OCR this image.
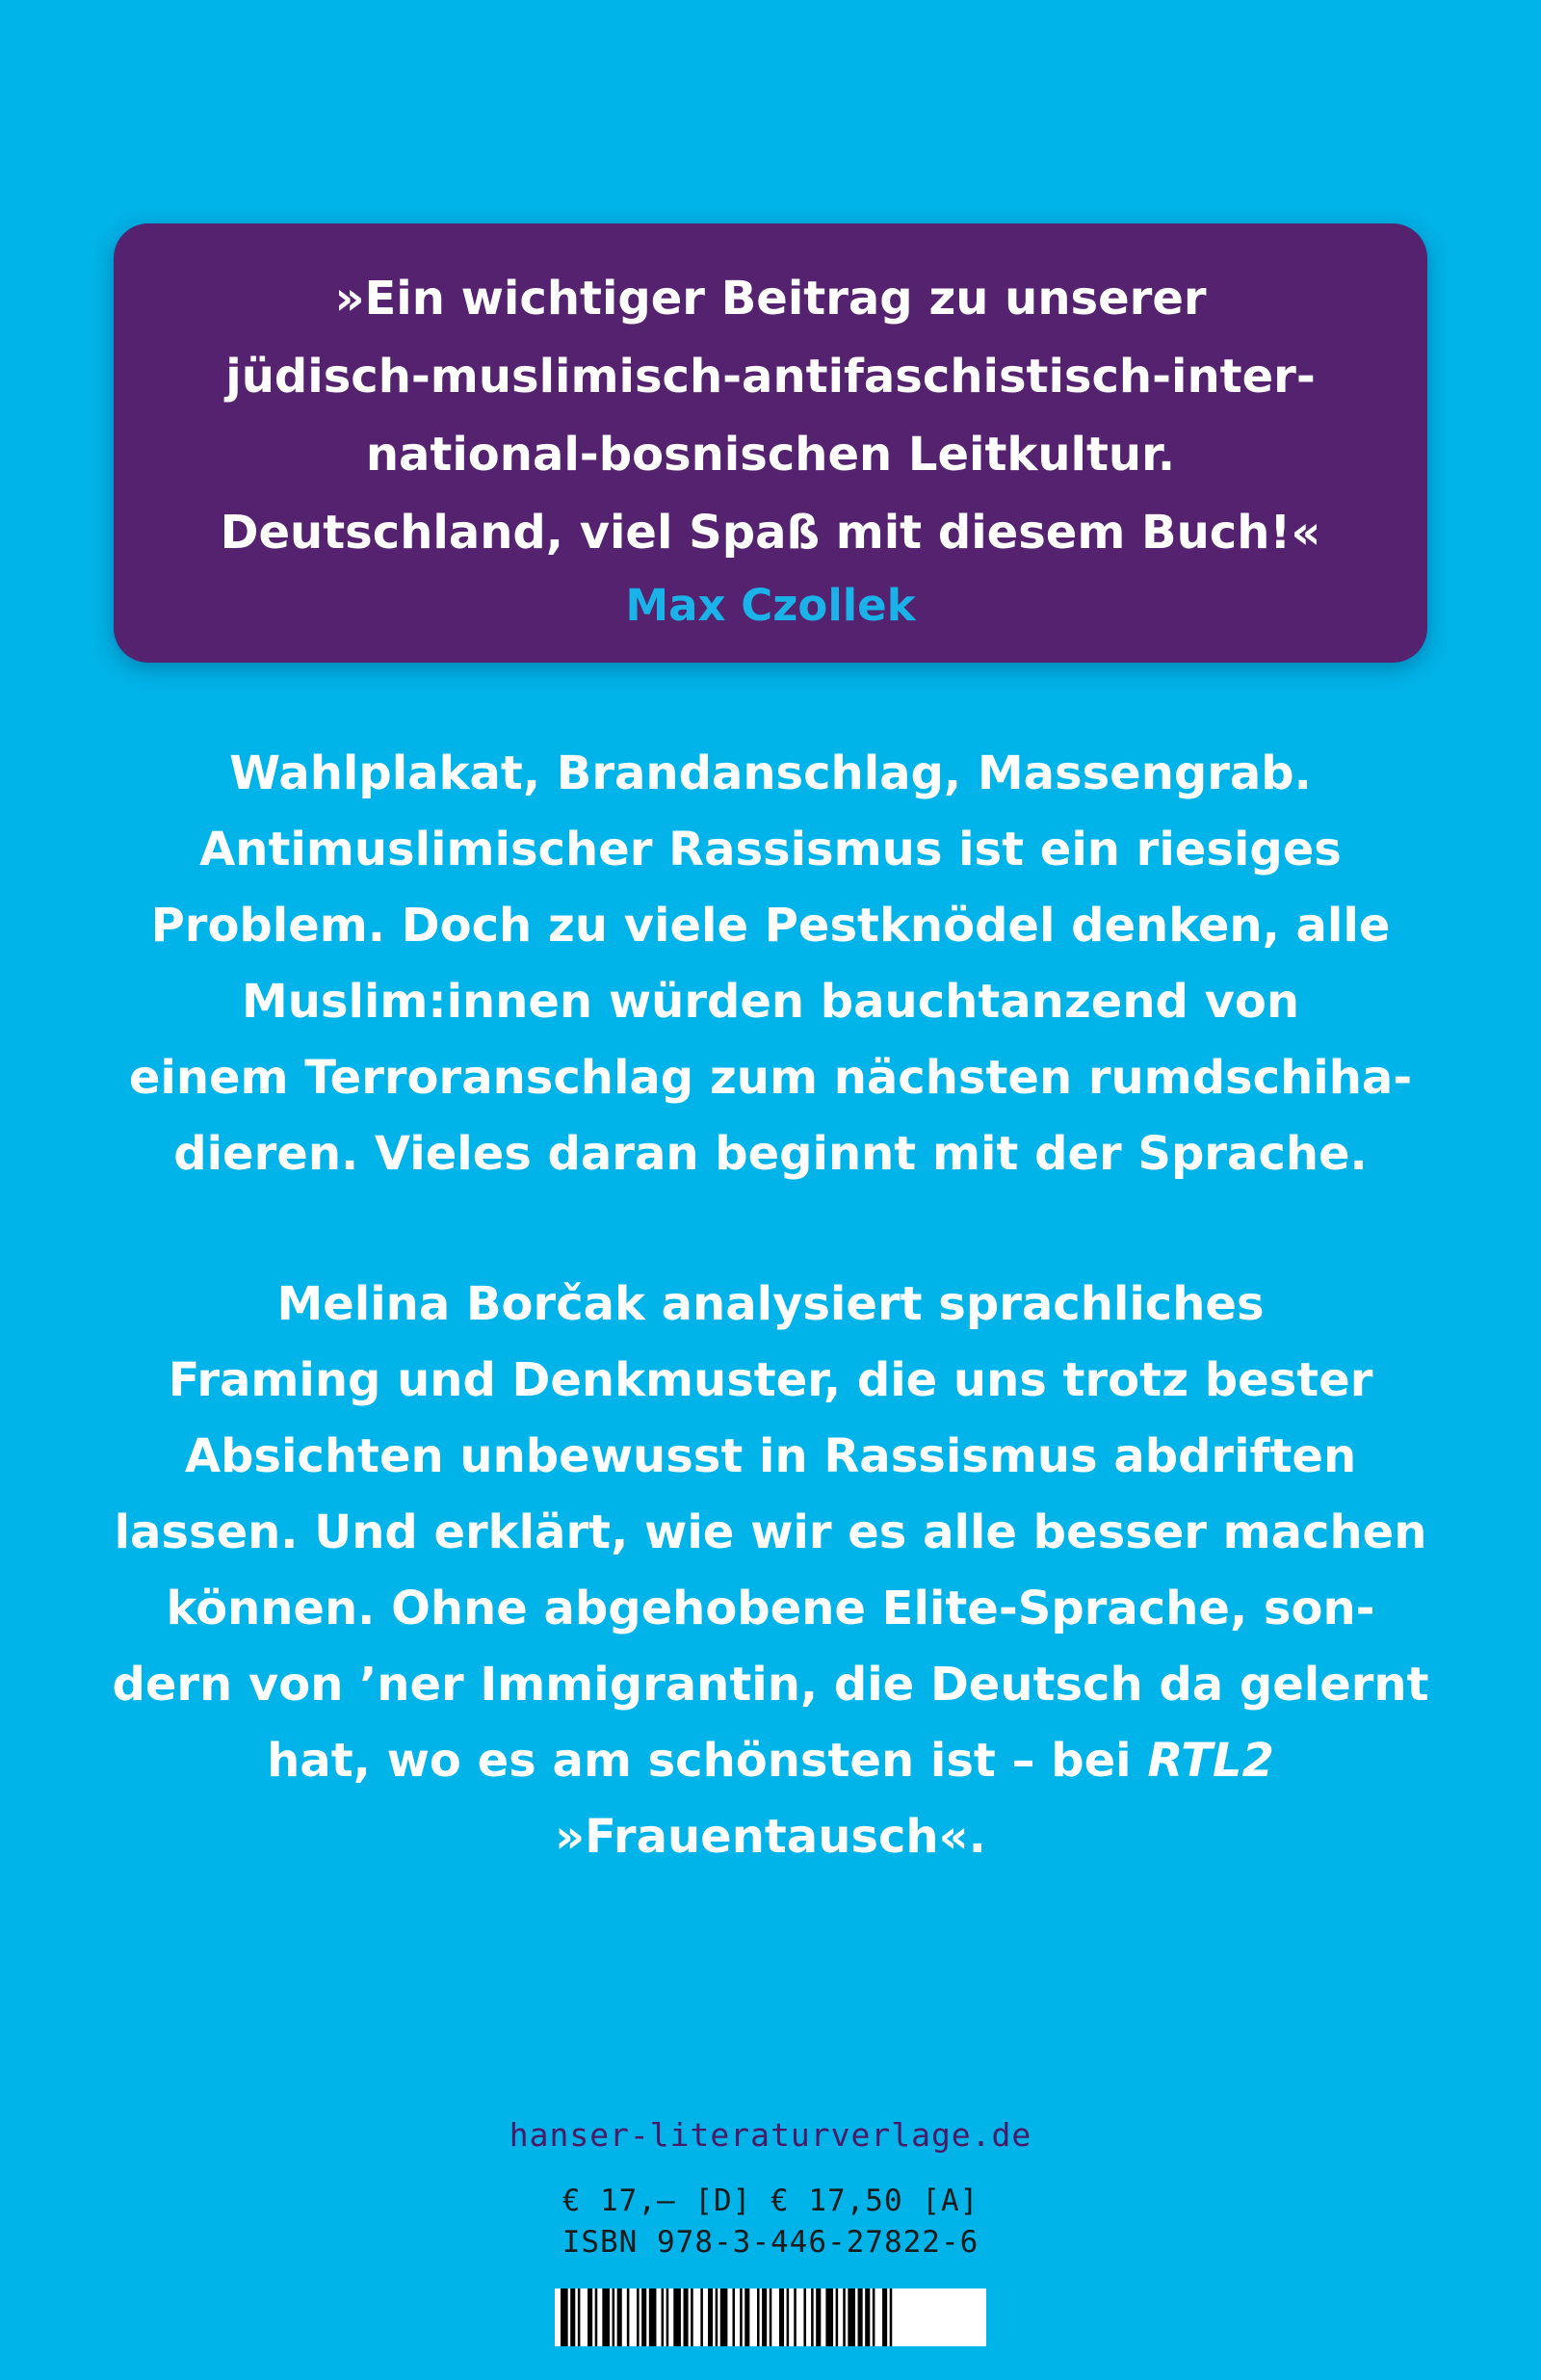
»Ein wichtiger Beitrag zu unserer
jüdisch-muslimisch-antifaschistisch-inter-
national-bosnischen Leitkultur.
Deutschland, viel Spaß mit diesem Buch!«
Max Czollek
Wahlplakat, Brandanschlag, Massengrab.
Antimuslimischer Rassismus ist ein riesiges
Problem. Doch zu viele Pestknödel denken, alle
Muslim:innen würden bauchtanzend von
einem Terroranschlag zum nächsten rumdschiha-
dieren. Vieles daran beginnt mit der Sprache.
Melina Borčak analysiert sprachliches
Framing und Denkmuster, die uns trotz bester
Absichten unbewusst in Rassismus abdriften
lassen. Und erklärt, wie wir es alle besser machen
können. Ohne abgehobene Elite-Sprache, son-
dern von ’ner Immigrantin, die Deutsch da gelernt
hat, wo es am schönsten ist – bei RTL2
»Frauentausch«.
hanser-literaturverlage.de
€ 17,– [D] € 17,50 [A]
ISBN 978-3-446-27822-6
